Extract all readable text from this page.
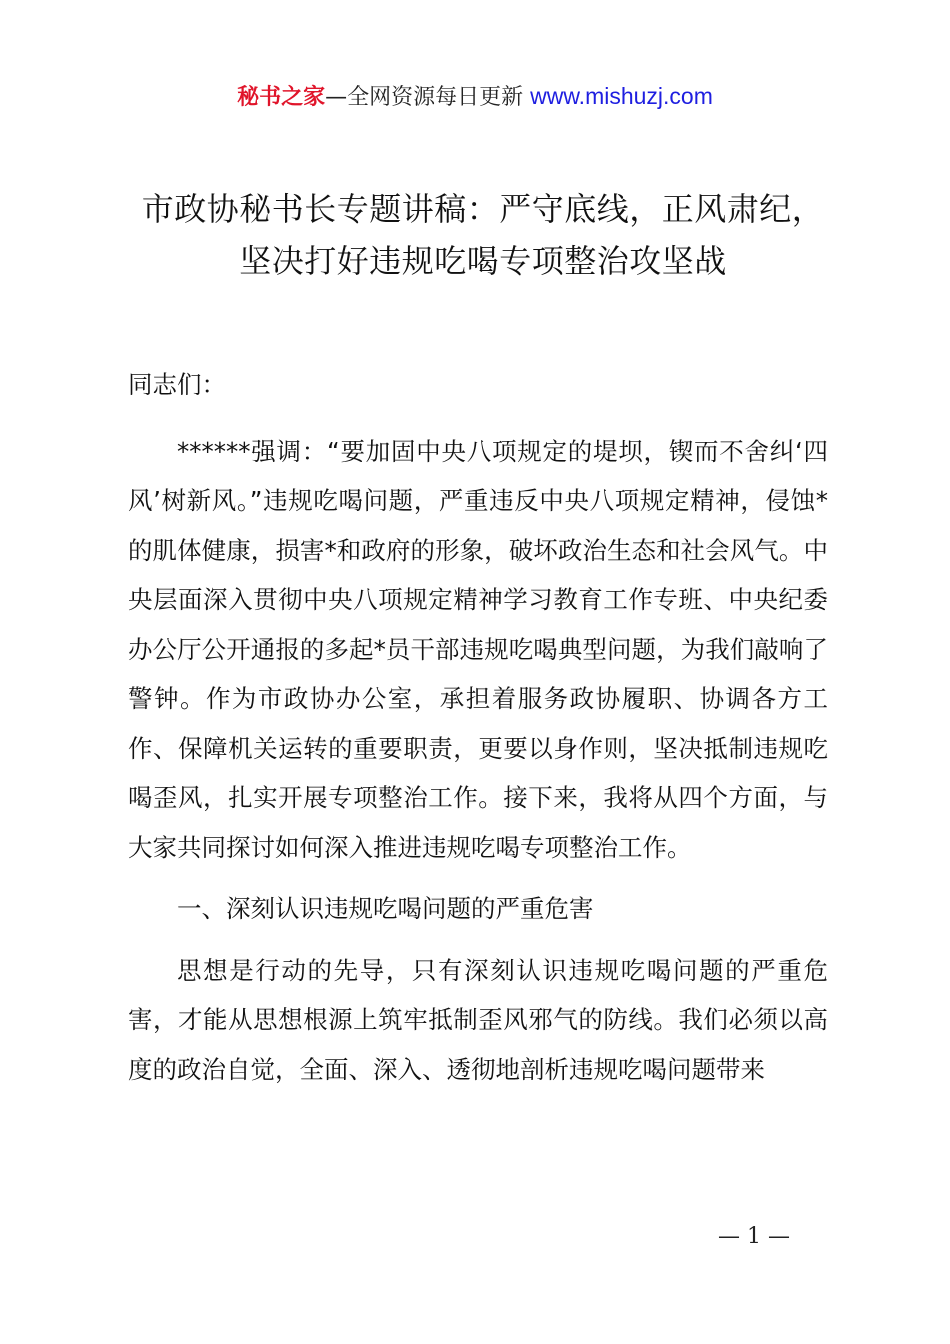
秘书之家—全网资源每日更新 www.mishuzj.com
市政协秘书长专题讲稿：严守底线，正风肃纪，
坚决打好违规吃喝专项整治攻坚战

同志们：

******强调：“要加固中央八项规定的堤坝，锲而不舍纠‘四风’树新风。”违规吃喝问题，严重违反中央八项规定精神，侵蚀*的肌体健康，损害*和政府的形象，破坏政治生态和社会风气。中央层面深入贯彻中央八项规定精神学习教育工作专班、中央纪委办公厅公开通报的多起*员干部违规吃喝典型问题，为我们敲响了警钟。作为市政协办公室，承担着服务政协履职、协调各方工作、保障机关运转的重要职责，更要以身作则，坚决抵制违规吃喝歪风，扎实开展专项整治工作。接下来，我将从四个方面，与大家共同探讨如何深入推进违规吃喝专项整治工作。

一、深刻认识违规吃喝问题的严重危害

思想是行动的先导，只有深刻认识违规吃喝问题的严重危害，才能从思想根源上筑牢抵制歪风邪气的防线。我们必须以高度的政治自觉，全面、深入、透彻地剖析违规吃喝问题带来

— 1 —
